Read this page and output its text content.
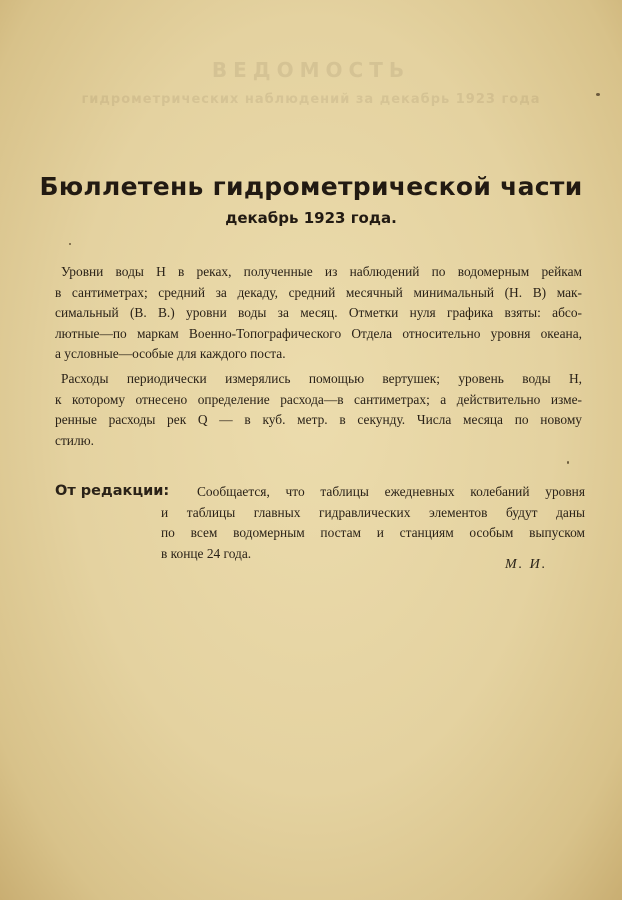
ВЕДОМОСТЬ
гидрометрических наблюдений за декабрь 1923 года
Бюллетень гидрометрической части
декабрь 1923 года.
Уровни воды H в реках, полученные из наблюдений по водомерным рейкам
в сантиметрах; средний за декаду, средний месячный минимальный (Н. В) мак-
симальный (В. В.) уровни воды за месяц. Отметки нуля графика взяты: абсо-
лютные—по маркам Военно-Топографического Отдела относительно уровня океана,
а условные—особые для каждого поста.
Расходы периодически измерялись помощью вертушек; уровень воды H,
к которому отнесено определение расхода—в сантиметрах; а действительно изме-
ренные расходы рек Q — в куб. метр. в секунду. Числа месяца по новому
стилю.
От редакции:	Сообщается, что таблицы ежедневных колебаний уровня
и таблицы главных гидравлических элементов будут даны
по всем водомерным постам и станциям особым выпуском
в конце 24 года.
М. И.
